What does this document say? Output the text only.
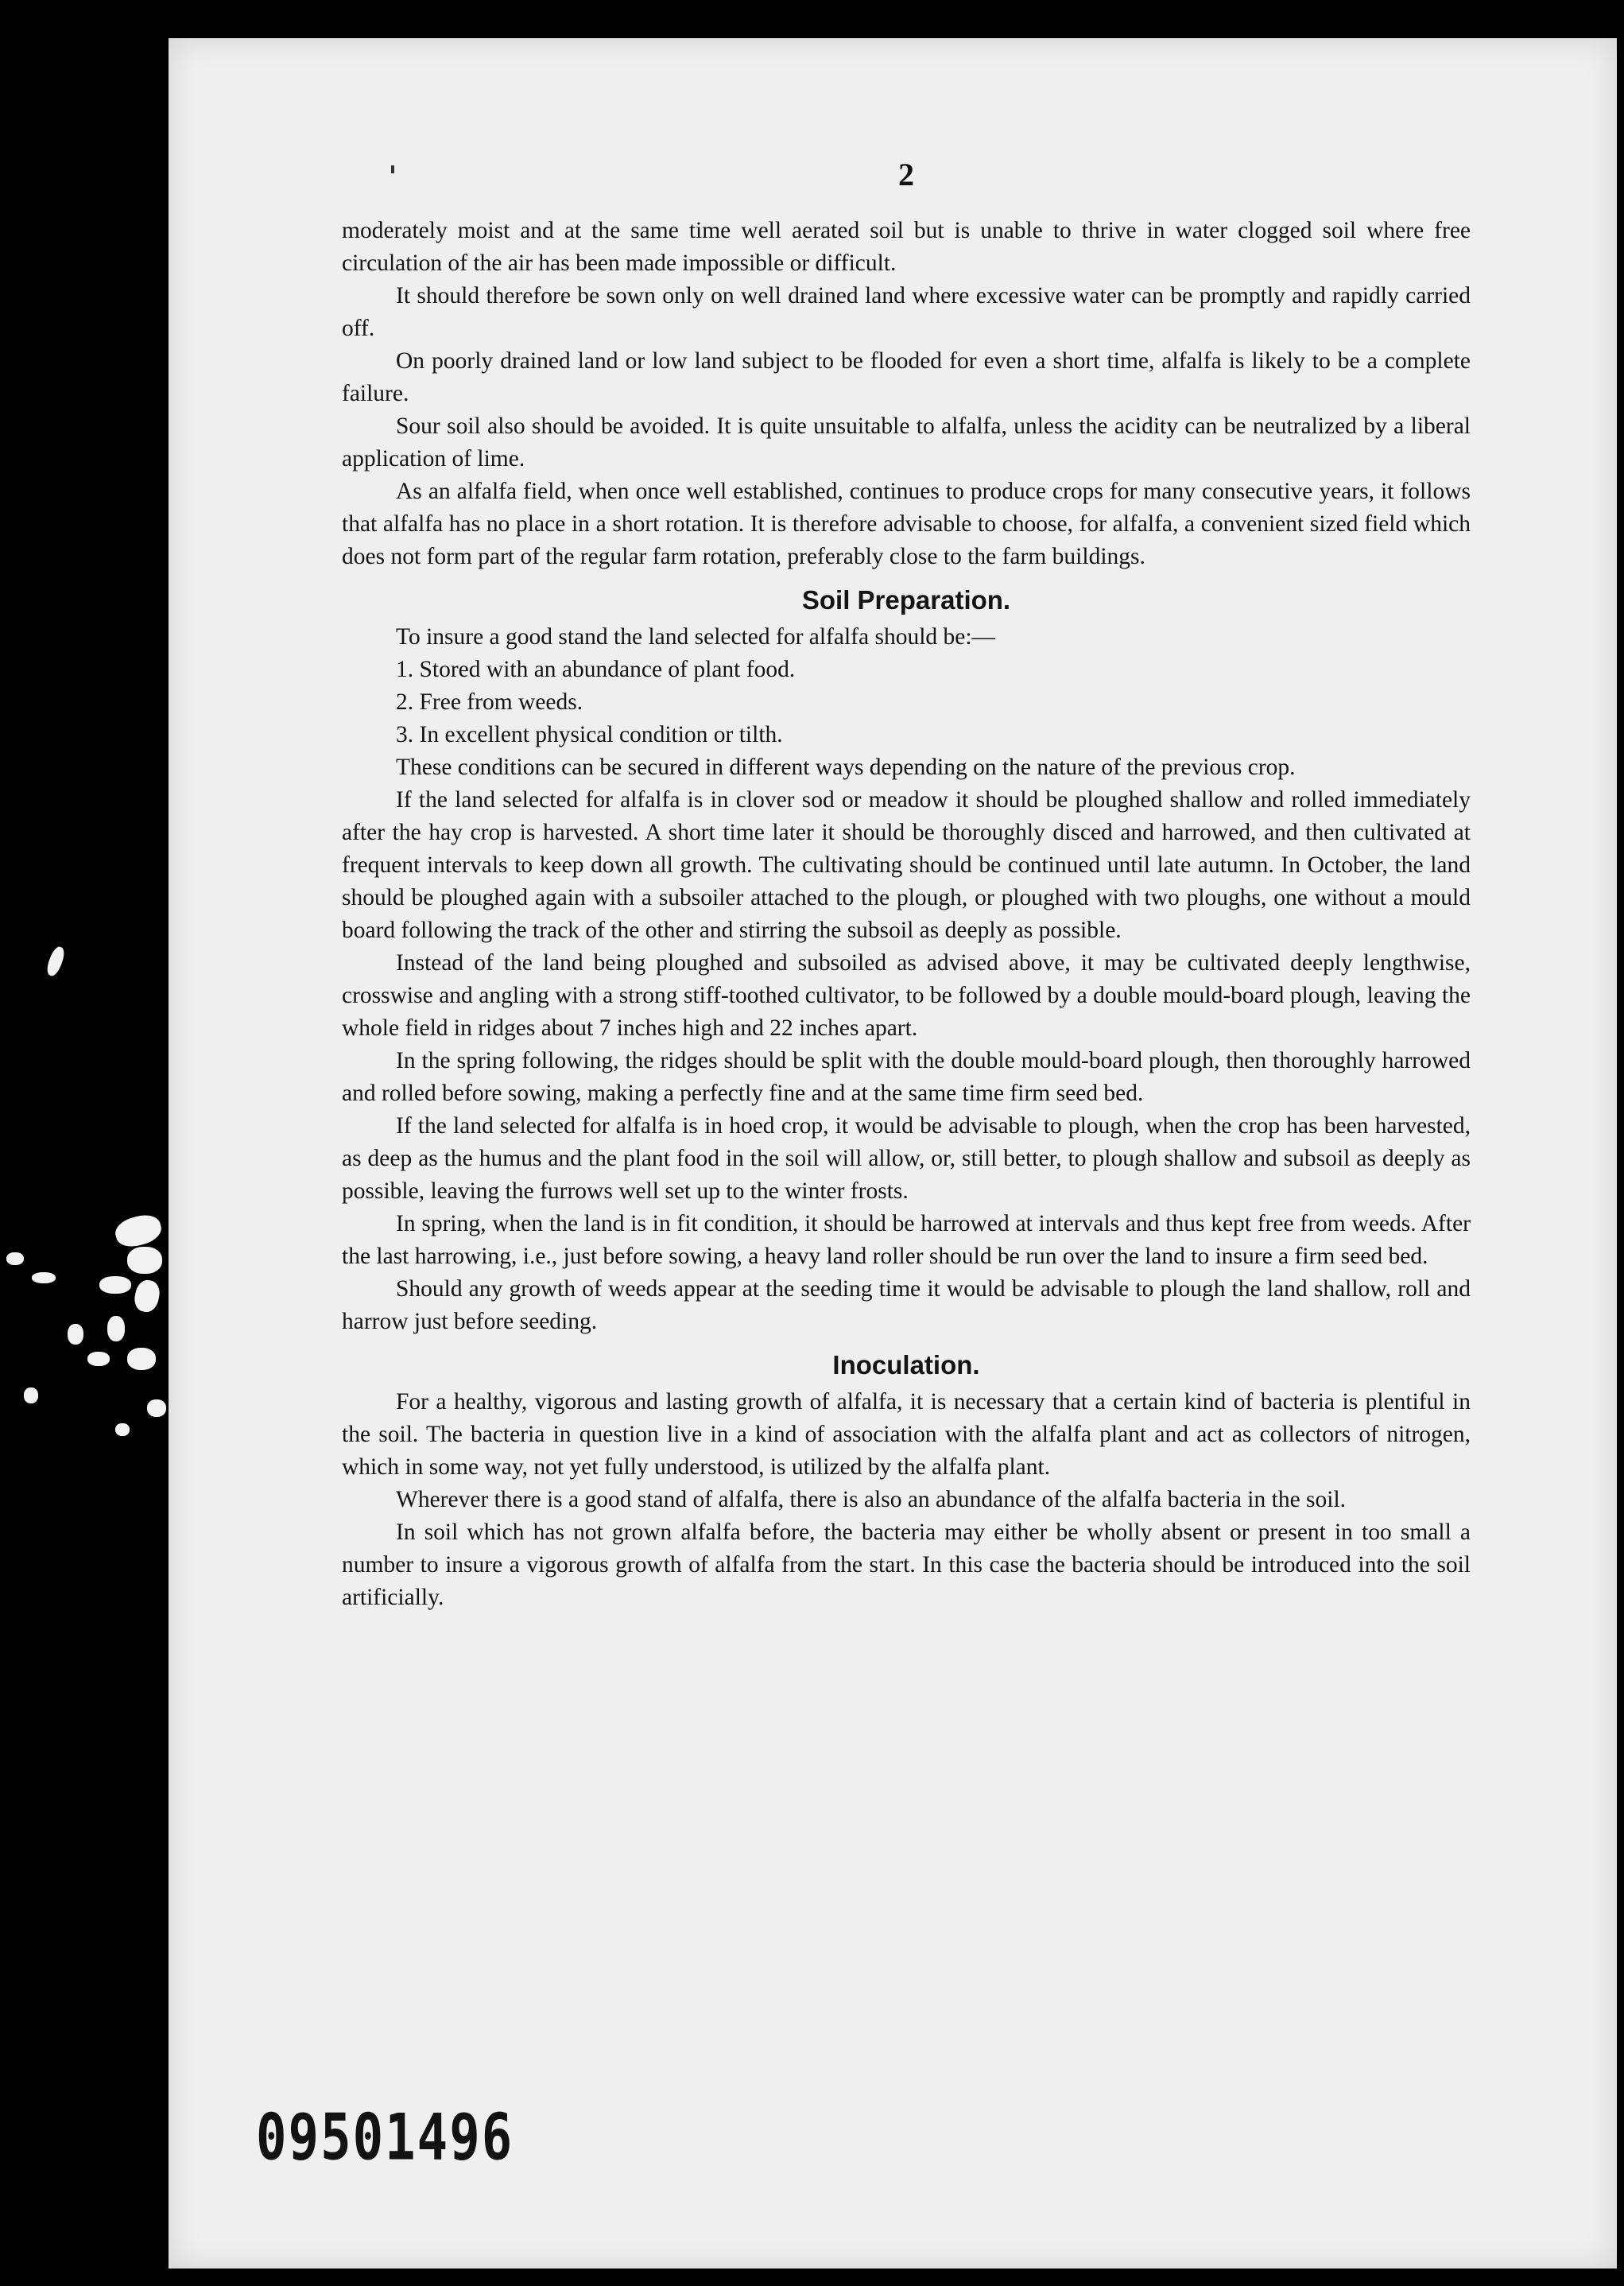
2

moderately moist and at the same time well aerated soil but is unable to thrive in water clogged soil where free circulation of the air has been made impossible or difficult.

It should therefore be sown only on well drained land where excessive water can be promptly and rapidly carried off.

On poorly drained land or low land subject to be flooded for even a short time, alfalfa is likely to be a complete failure.

Sour soil also should be avoided. It is quite unsuitable to alfalfa, unless the acidity can be neutralized by a liberal application of lime.

As an alfalfa field, when once well established, continues to produce crops for many consecutive years, it follows that alfalfa has no place in a short rotation. It is therefore advisable to choose, for alfalfa, a convenient sized field which does not form part of the regular farm rotation, preferably close to the farm buildings.

Soil Preparation.

To insure a good stand the land selected for alfalfa should be:—

1. Stored with an abundance of plant food.

2. Free from weeds.

3. In excellent physical condition or tilth.

These conditions can be secured in different ways depending on the nature of the previous crop.

If the land selected for alfalfa is in clover sod or meadow it should be ploughed shallow and rolled immediately after the hay crop is harvested. A short time later it should be thoroughly disced and harrowed, and then cultivated at frequent intervals to keep down all growth. The cultivating should be continued until late autumn. In October, the land should be ploughed again with a subsoiler attached to the plough, or ploughed with two ploughs, one without a mould board following the track of the other and stirring the subsoil as deeply as possible.

Instead of the land being ploughed and subsoiled as advised above, it may be cultivated deeply lengthwise, crosswise and angling with a strong stiff-toothed cultivator, to be followed by a double mould-board plough, leaving the whole field in ridges about 7 inches high and 22 inches apart.

In the spring following, the ridges should be split with the double mould-board plough, then thoroughly harrowed and rolled before sowing, making a perfectly fine and at the same time firm seed bed.

If the land selected for alfalfa is in hoed crop, it would be advisable to plough, when the crop has been harvested, as deep as the humus and the plant food in the soil will allow, or, still better, to plough shallow and subsoil as deeply as possible, leaving the furrows well set up to the winter frosts.

In spring, when the land is in fit condition, it should be harrowed at intervals and thus kept free from weeds. After the last harrowing, i.e., just before sowing, a heavy land roller should be run over the land to insure a firm seed bed.

Should any growth of weeds appear at the seeding time it would be advisable to plough the land shallow, roll and harrow just before seeding.

Inoculation.

For a healthy, vigorous and lasting growth of alfalfa, it is necessary that a certain kind of bacteria is plentiful in the soil. The bacteria in question live in a kind of association with the alfalfa plant and act as collectors of nitrogen, which in some way, not yet fully understood, is utilized by the alfalfa plant.

Wherever there is a good stand of alfalfa, there is also an abundance of the alfalfa bacteria in the soil.

In soil which has not grown alfalfa before, the bacteria may either be wholly absent or present in too small a number to insure a vigorous growth of alfalfa from the start. In this case the bacteria should be introduced into the soil artificially.

09501496
